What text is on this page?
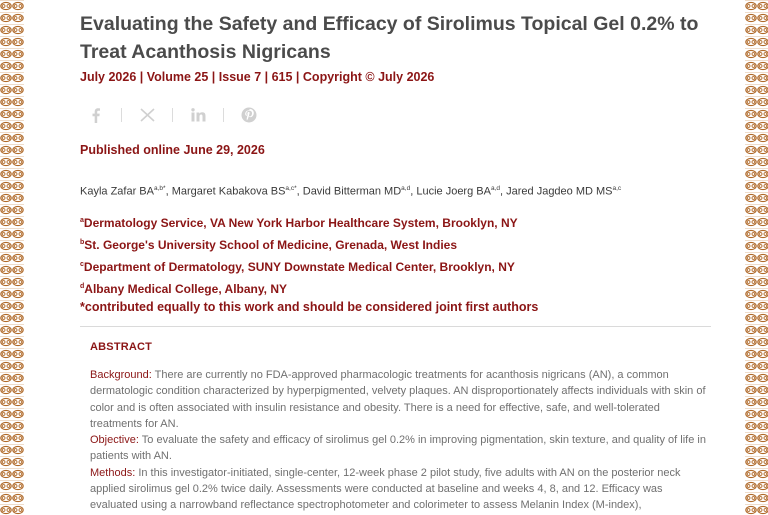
Evaluating the Safety and Efficacy of Sirolimus Topical Gel 0.2% to Treat Acanthosis Nigricans
July 2026 | Volume 25 | Issue 7 | 615 | Copyright © July 2026
Published online June 29, 2026
Kayla Zafar $BA^{a,b*}$, Margaret Kabakova $BS^{a,c*}$, David Bitterman MD$^{a,d}$, Lucie Joerg BA$^{a,d}$, Jared Jagdeo MD MS$^{a,c}$
$^a$Dermatology Service, VA New York Harbor Healthcare System, Brooklyn, NY
$^b$St. George's University School of Medicine, Grenada, West Indies
$^c$Department of Dermatology, SUNY Downstate Medical Center, Brooklyn, NY
$^d$Albany Medical College, Albany, NY
*contributed equally to this work and should be considered joint first authors
ABSTRACT

Background: There are currently no FDA-approved pharmacologic treatments for acanthosis nigricans (AN), a common dermatologic condition characterized by hyperpigmented, velvety plaques. AN disproportionately affects individuals with skin of color and is often associated with insulin resistance and obesity. There is a need for effective, safe, and well-tolerated treatments for AN.

Objective: To evaluate the safety and efficacy of sirolimus gel 0.2% in improving pigmentation, skin texture, and quality of life in patients with AN.

Methods: In this investigator-initiated, single-center, 12-week phase 2 pilot study, five adults with AN on the posterior neck applied sirolimus gel 0.2% twice daily. Assessments were conducted at baseline and weeks 4, 8, and 12. Efficacy was evaluated using a narrowband reflectance spectrophotometer and colorimeter to assess Melanin Index (M-index),
